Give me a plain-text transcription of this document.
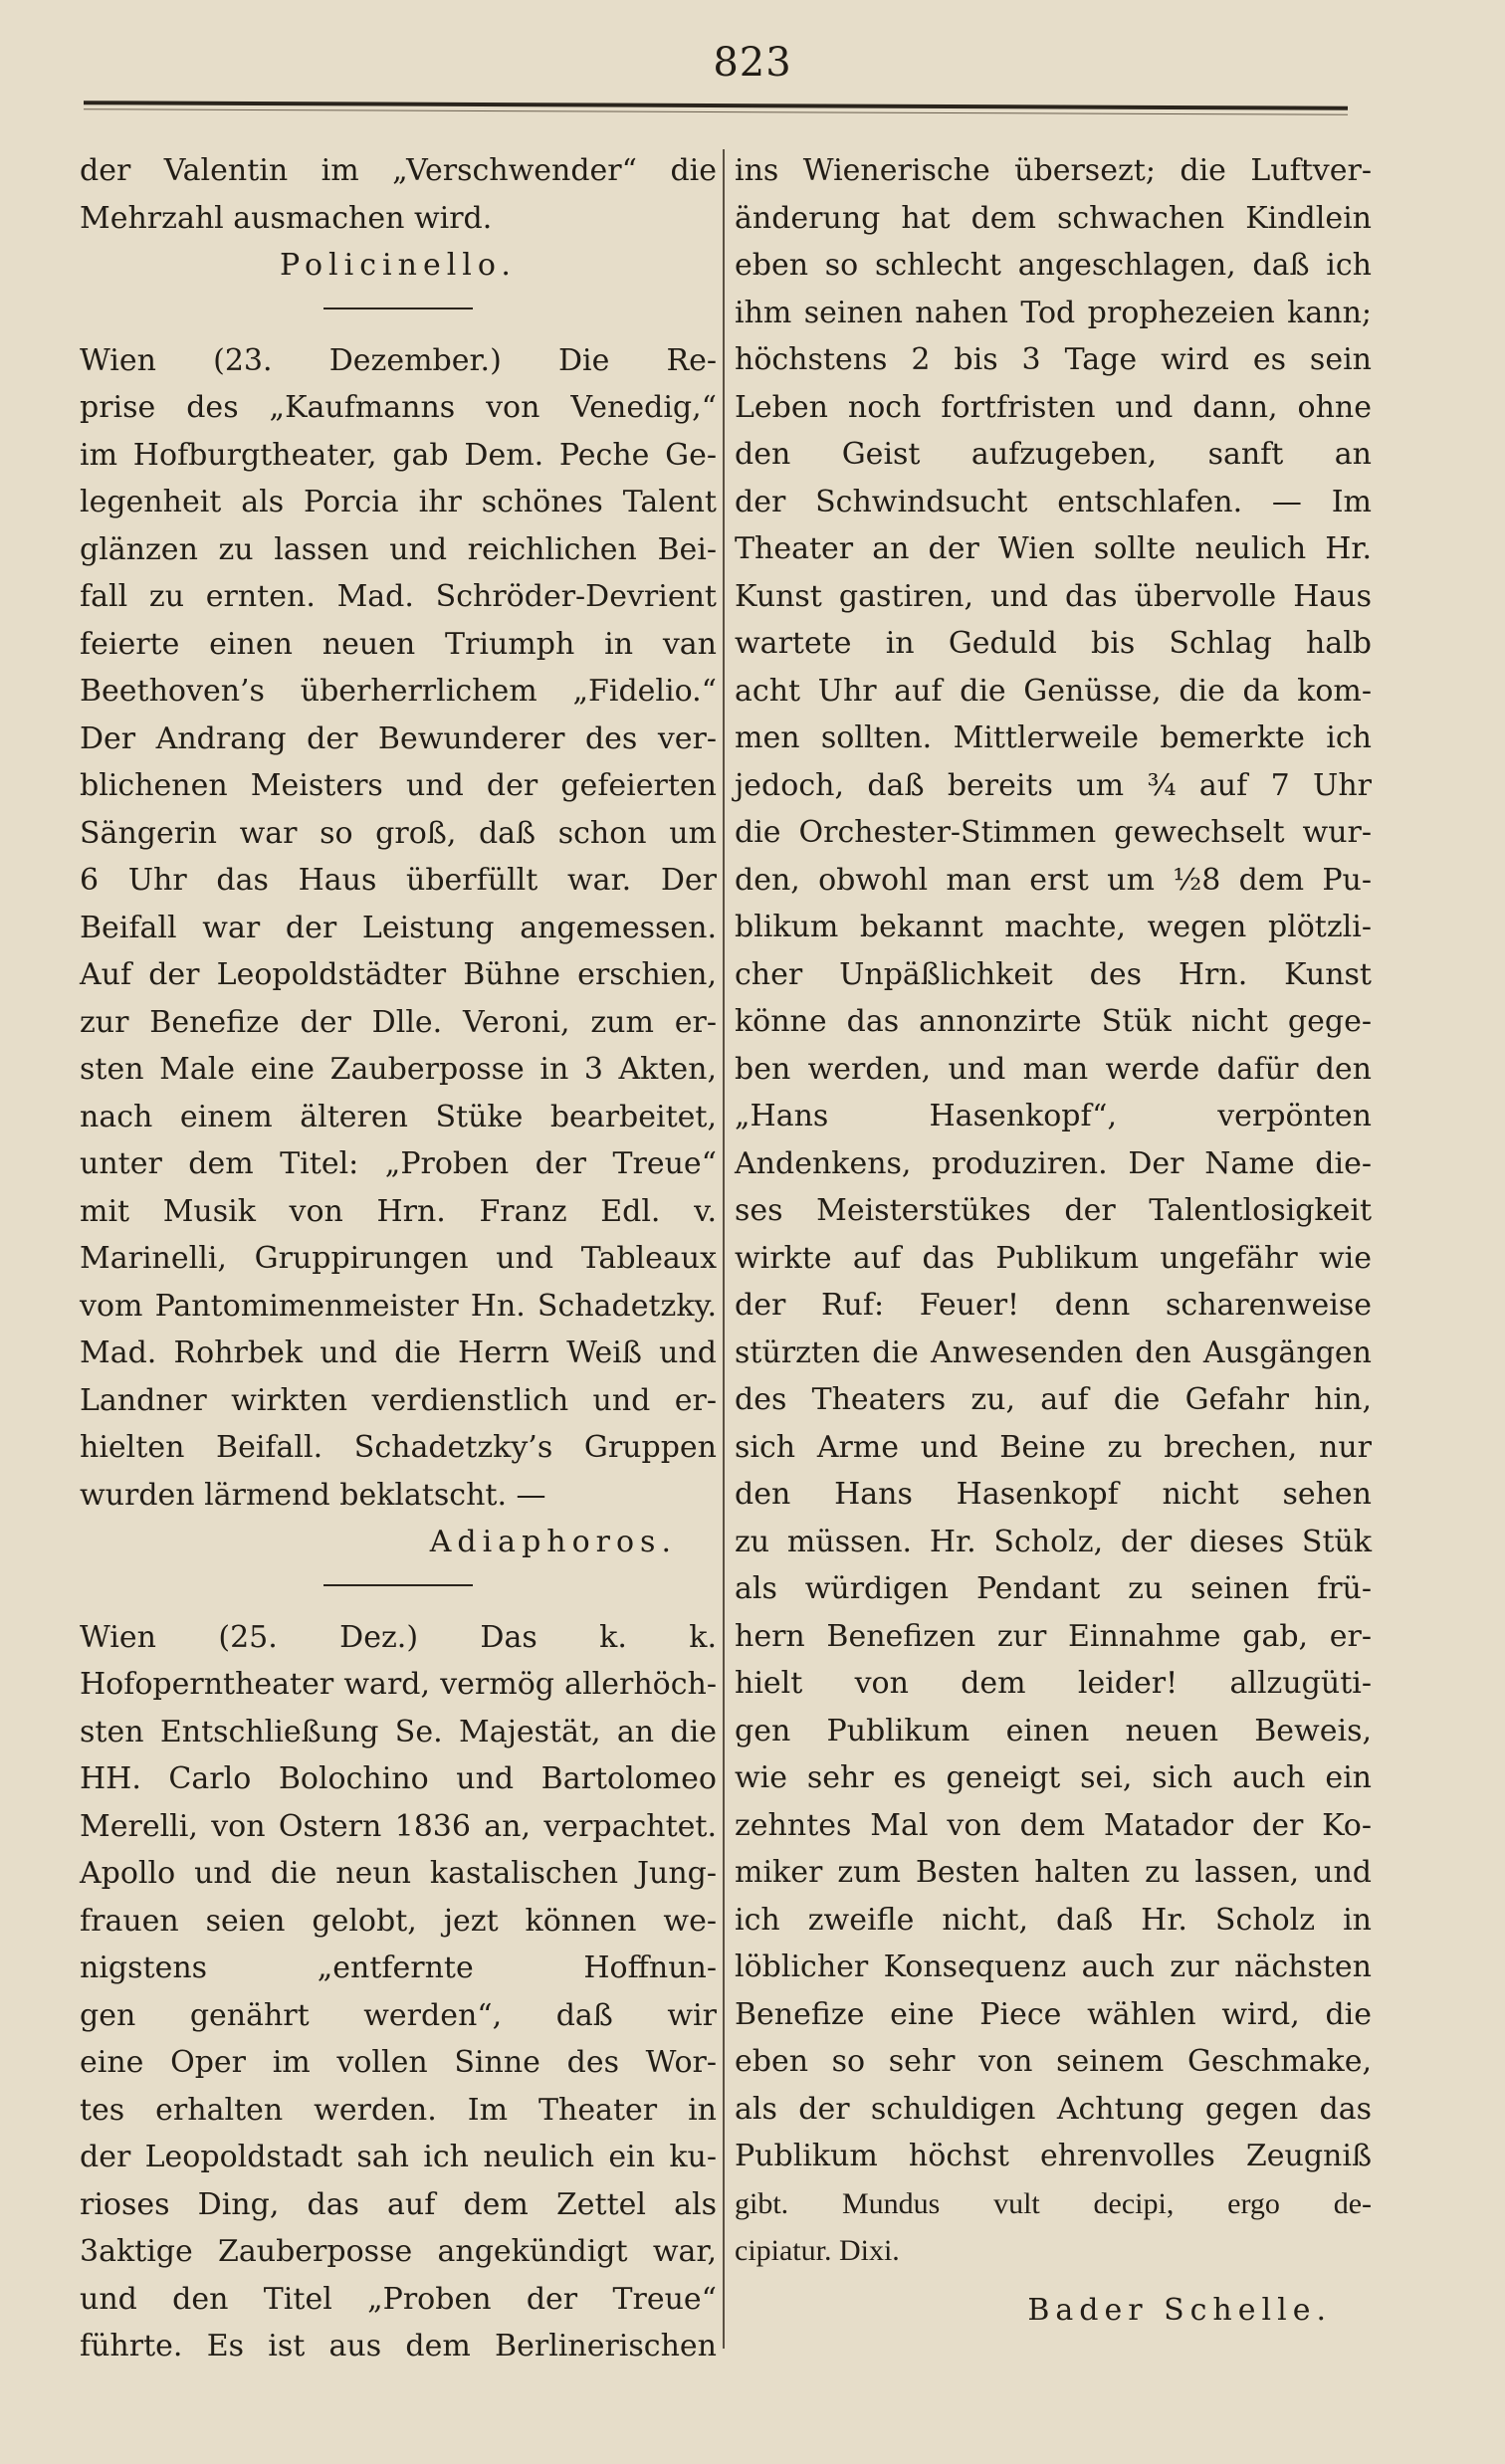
823
der Valentin im „Verschwender“ die
Mehrzahl ausmachen wird.
Policinello.
Wien (23. Dezember.) Die Re-
prise des „Kaufmanns von Venedig,“
im Hofburgtheater, gab Dem. Peche Ge-
legenheit als Porcia ihr schönes Talent
glänzen zu lassen und reichlichen Bei-
fall zu ernten. Mad. Schröder-Devrient
feierte einen neuen Triumph in van
Beethoven’s überherrlichem „Fidelio.“
Der Andrang der Bewunderer des ver-
blichenen Meisters und der gefeierten
Sängerin war so groß, daß schon um
6 Uhr das Haus überfüllt war. Der
Beifall war der Leistung angemessen.
Auf der Leopoldstädter Bühne erschien,
zur Benefize der Dlle. Veroni, zum er-
sten Male eine Zauberposse in 3 Akten,
nach einem älteren Stüke bearbeitet,
unter dem Titel: „Proben der Treue“
mit Musik von Hrn. Franz Edl. v.
Marinelli, Gruppirungen und Tableaux
vom Pantomimenmeister Hn. Schadetzky.
Mad. Rohrbek und die Herrn Weiß und
Landner wirkten verdienstlich und er-
hielten Beifall. Schadetzky’s Gruppen
wurden lärmend beklatscht. —
Adiaphoros.
Wien (25. Dez.) Das k. k.
Hofoperntheater ward, vermög allerhöch-
sten Entschließung Se. Majestät, an die
HH. Carlo Bolochino und Bartolomeo
Merelli, von Ostern 1836 an, verpachtet.
Apollo und die neun kastalischen Jung-
frauen seien gelobt, jezt können we-
nigstens „entfernte Hoffnun-
gen genährt werden“, daß wir
eine Oper im vollen Sinne des Wor-
tes erhalten werden. Im Theater in
der Leopoldstadt sah ich neulich ein ku-
rioses Ding, das auf dem Zettel als
3aktige Zauberposse angekündigt war,
und den Titel „Proben der Treue“
führte. Es ist aus dem Berlinerischen
ins Wienerische übersezt; die Luftver-
änderung hat dem schwachen Kindlein
eben so schlecht angeschlagen, daß ich
ihm seinen nahen Tod prophezeien kann;
höchstens 2 bis 3 Tage wird es sein
Leben noch fortfristen und dann, ohne
den Geist aufzugeben, sanft an
der Schwindsucht entschlafen. — Im
Theater an der Wien sollte neulich Hr.
Kunst gastiren, und das übervolle Haus
wartete in Geduld bis Schlag halb
acht Uhr auf die Genüsse, die da kom-
men sollten. Mittlerweile bemerkte ich
jedoch, daß bereits um ¾ auf 7 Uhr
die Orchester-Stimmen gewechselt wur-
den, obwohl man erst um ½8 dem Pu-
blikum bekannt machte, wegen plötzli-
cher Unpäßlichkeit des Hrn. Kunst
könne das annonzirte Stük nicht gege-
ben werden, und man werde dafür den
„Hans Hasenkopf“, verpönten
Andenkens, produziren. Der Name die-
ses Meisterstükes der Talentlosigkeit
wirkte auf das Publikum ungefähr wie
der Ruf: Feuer! denn scharenweise
stürzten die Anwesenden den Ausgängen
des Theaters zu, auf die Gefahr hin,
sich Arme und Beine zu brechen, nur
den Hans Hasenkopf nicht sehen
zu müssen. Hr. Scholz, der dieses Stük
als würdigen Pendant zu seinen frü-
hern Benefizen zur Einnahme gab, er-
hielt von dem leider! allzugüti-
gen Publikum einen neuen Beweis,
wie sehr es geneigt sei, sich auch ein
zehntes Mal von dem Matador der Ko-
miker zum Besten halten zu lassen, und
ich zweifle nicht, daß Hr. Scholz in
löblicher Konsequenz auch zur nächsten
Benefize eine Piece wählen wird, die
eben so sehr von seinem Geschmake,
als der schuldigen Achtung gegen das
Publikum höchst ehrenvolles Zeugniß
gibt. Mundus vult decipi, ergo de-
cipiatur. Dixi.
Bader Schelle.
